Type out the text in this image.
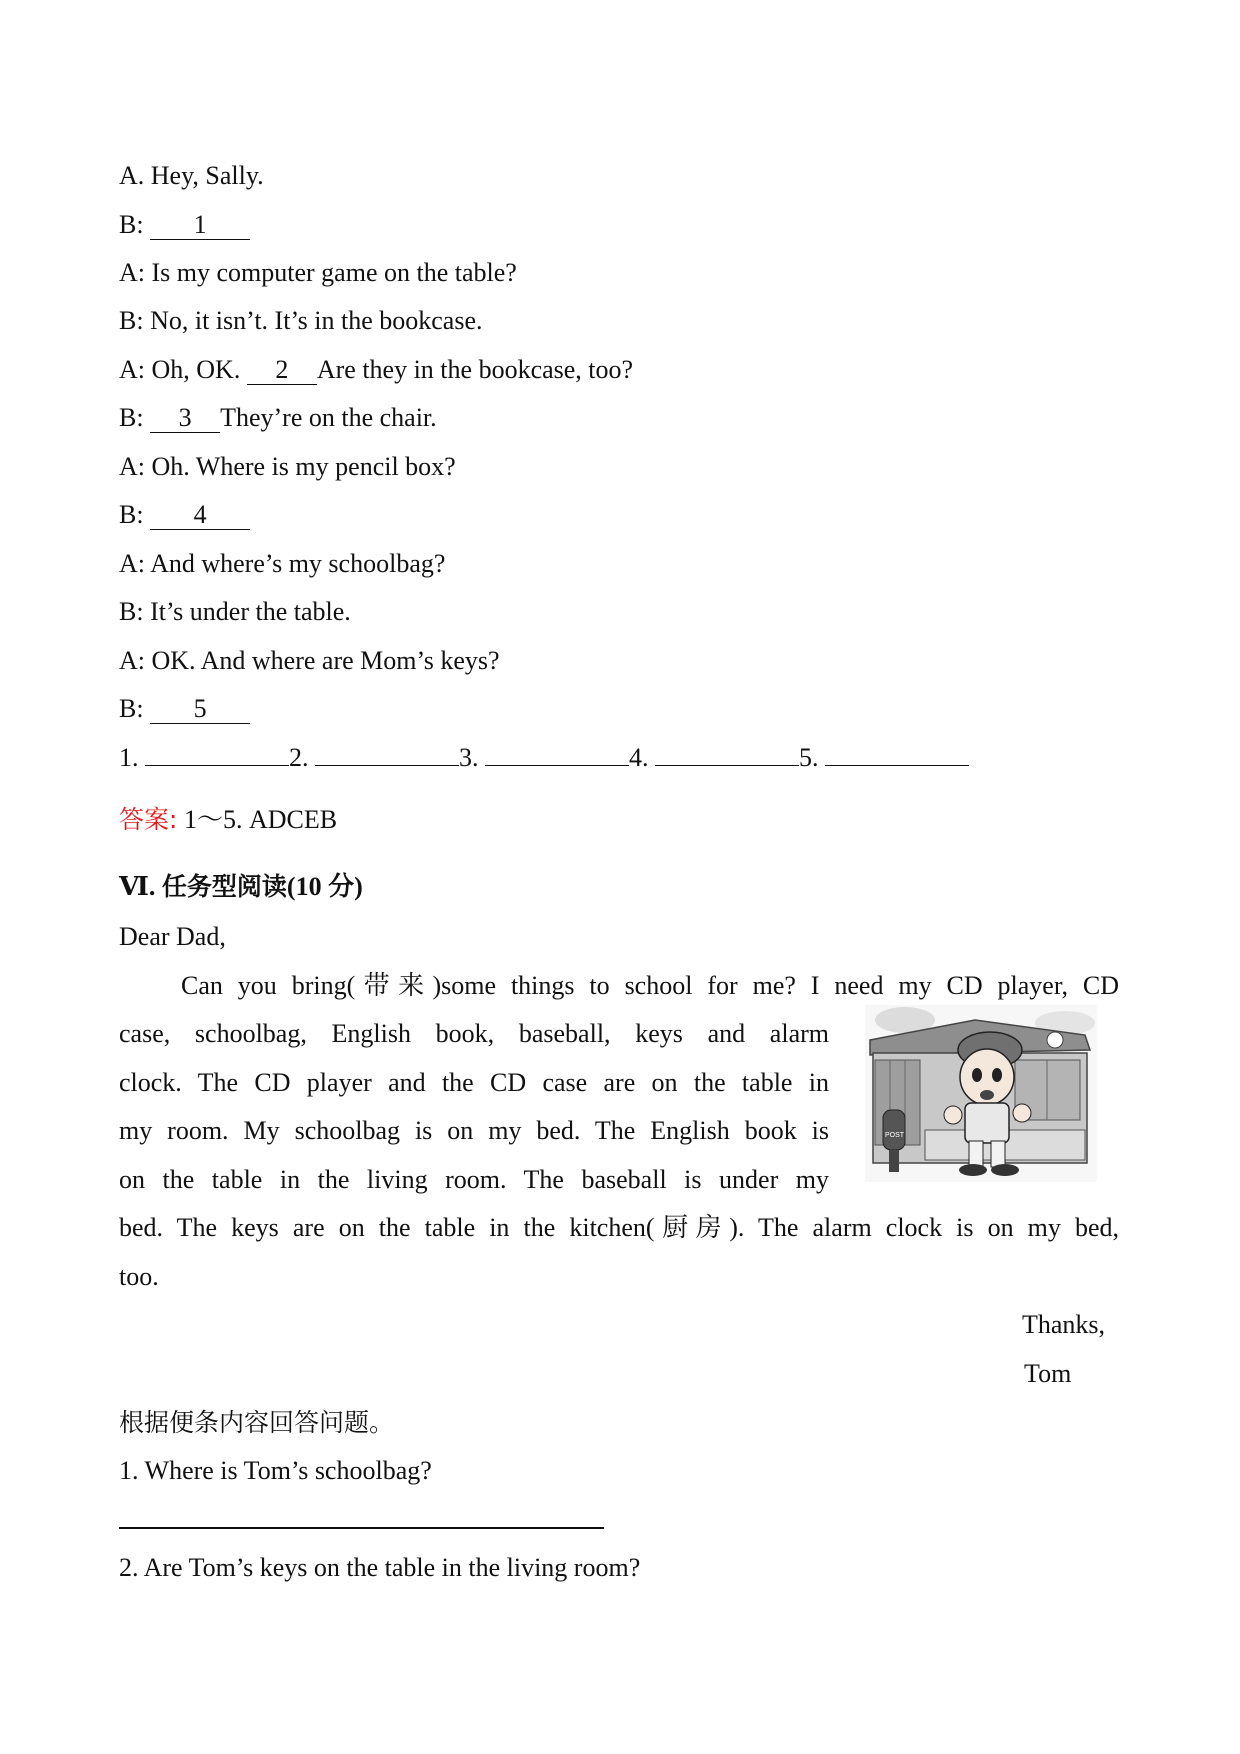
A. Hey, Sally.
B: 1
A: Is my computer game on the table?
B: No, it isn’t. It’s in the bookcase.
A: Oh, OK. 2 Are they in the bookcase, too?
B: 3 They’re on the chair.
A: Oh. Where is my pencil box?
B: 4
A: And where’s my schoolbag?
B: It’s under the table.
A: OK. And where are Mom’s keys?
B: 5
1.	2.	3.	4.	5.
答案: 1～5. ADCEB
Ⅵ. 任务型阅读(10 分)
Dear Dad,
Can you bring(带来)some things to school for me? I need my CD player, CD
case, schoolbag, English book, baseball, keys and alarm
clock. The CD player and the CD case are on the table in
my room. My schoolbag is on my bed. The English book is
on the table in the living room. The baseball is under my
bed. The keys are on the table in the kitchen(厨房). The alarm clock is on my bed,
too.
POST
Thanks,
Tom
根据便条内容回答问题。
1. Where is Tom’s schoolbag?
2. Are Tom’s keys on the table in the living room?
